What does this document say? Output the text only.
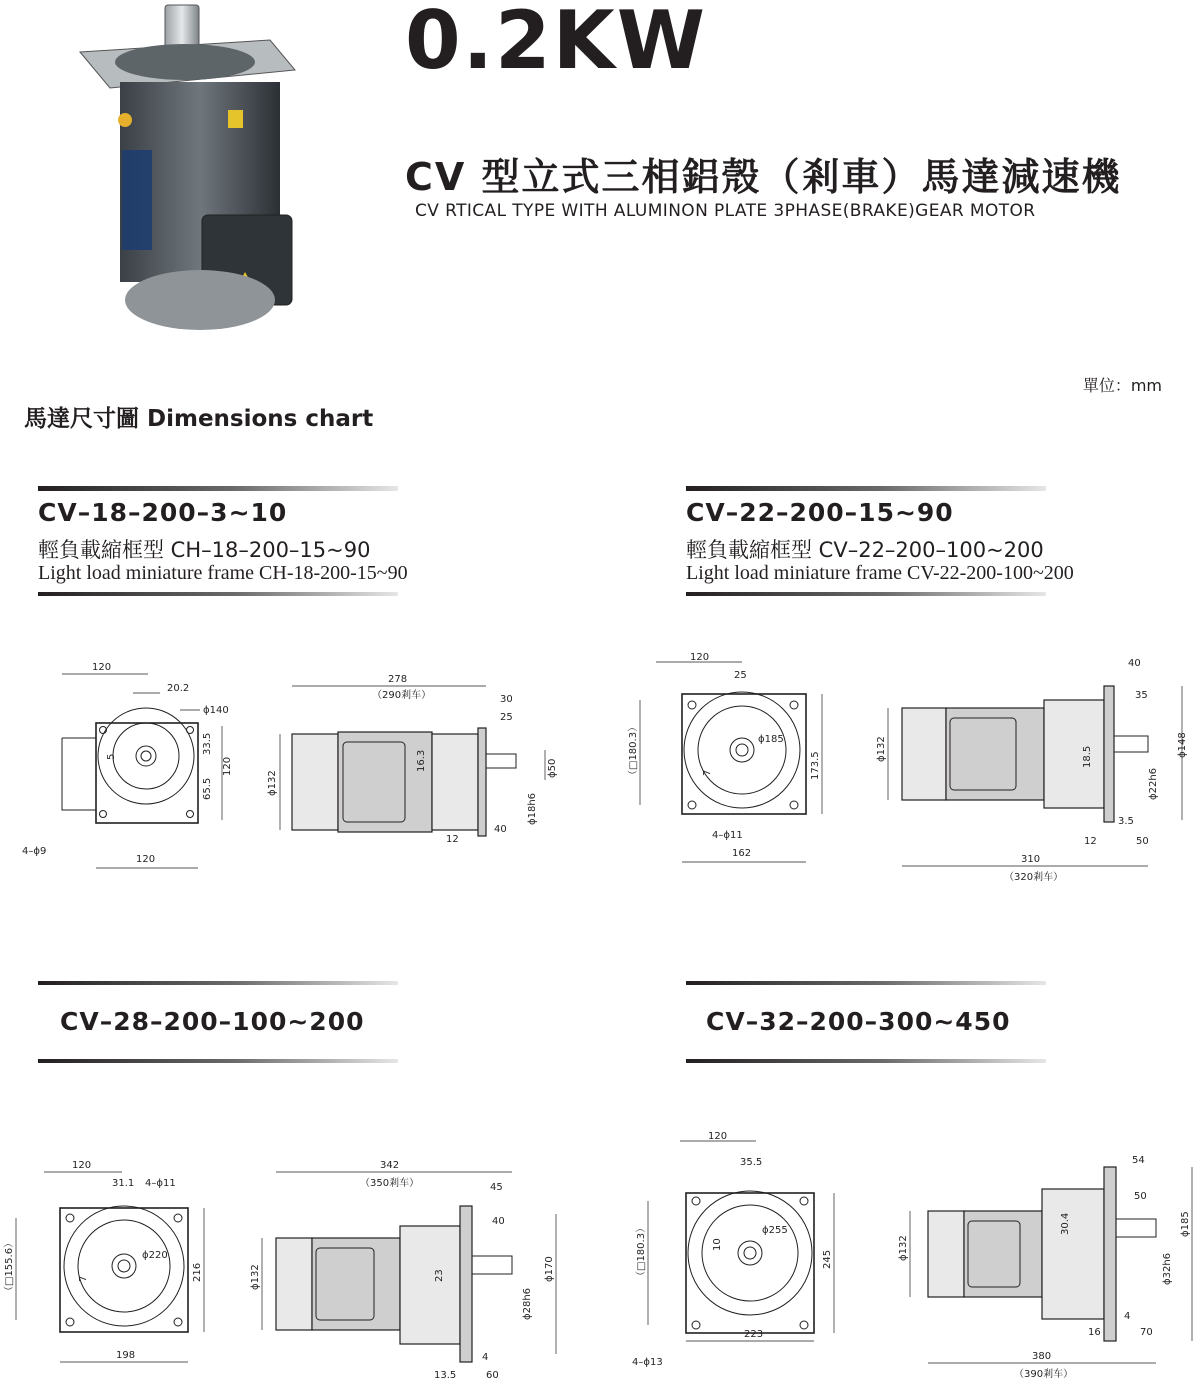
0.2KW
CV 型立式三相鋁殼（剎車）馬達減速機
CV RTICAL TYPE WITH ALUMINON PLATE 3PHASE(BRAKE)GEAR MOTOR
單位：mm
馬達尺寸圖 Dimensions chart
CV–18–200–3~10
輕負載縮框型 CH–18–200–15~90
Light load miniature frame CH-18-200-15~90
CV–22–200–15~90
輕負載縮框型 CV–22–200–100~200
Light load miniature frame CV-22-200-100~200
CV–28–200–100~200	CV–32–200–300~450
120
20.2
ϕ140
5
33.5
65.5
120
4–ϕ9
120
278
（290剎车）	30
25
ϕ132
16.3	ϕ50
ϕ18h6
12
40
120
25
ϕ185
（□180.3）	173.5
7
4–ϕ11
162
40
35
ϕ132	18.5	ϕ148
ϕ22h6
3.5
12	50
310
（320剎车）
120
31.1 4–ϕ11
ϕ220
（□155.6）	216
7
198
342
（350剎车）	45
40
ϕ132	23	ϕ170
ϕ28h6
4
13.5	60
120
35.5
ϕ255
10
（□180.3）	245
4–ϕ13
223
54
50
ϕ132
30.4	ϕ185
ϕ32h6
4
16	70
380
（390剎车）
